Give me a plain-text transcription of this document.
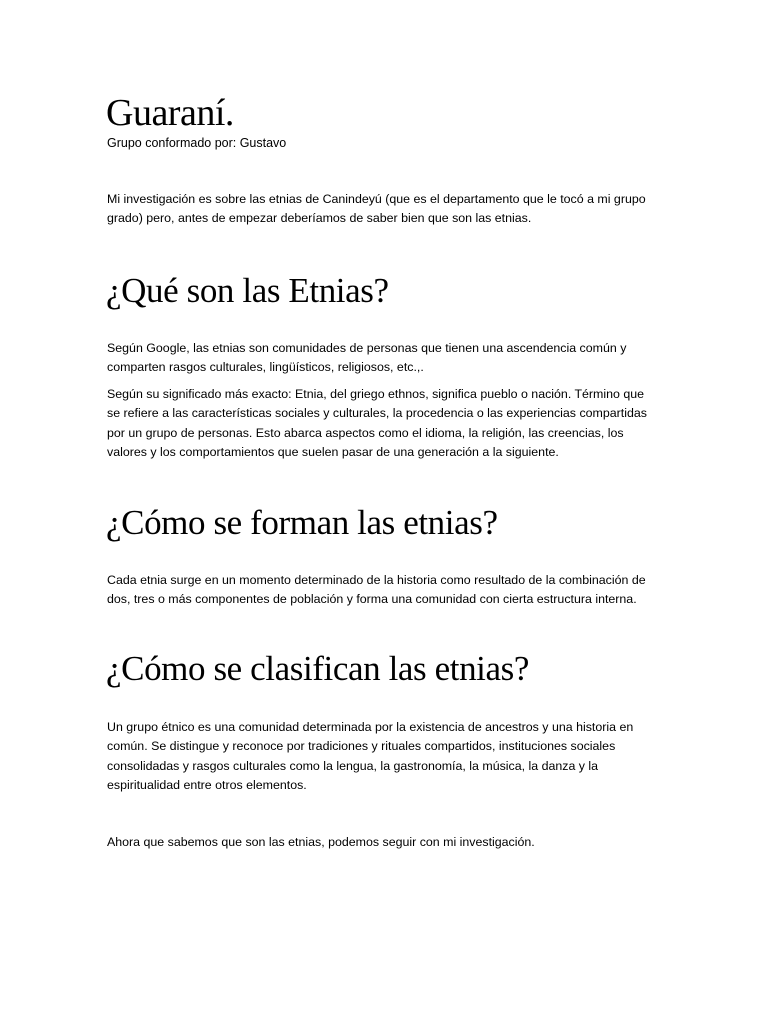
Guaraní.

Grupo conformado por: Gustavo

Mi investigación es sobre las etnias de Canindeyú (que es el departamento que le tocó a mi grupo
grado) pero, antes de empezar deberíamos de saber bien que son las etnias.

¿Qué son las Etnias?

Según Google, las etnias son comunidades de personas que tienen una ascendencia común y
comparten rasgos culturales, lingüísticos, religiosos, etc.,.

Según su significado más exacto: Etnia, del griego ethnos, significa pueblo o nación. Término que
se refiere a las características sociales y culturales, la procedencia o las experiencias compartidas
por un grupo de personas. Esto abarca aspectos como el idioma, la religión, las creencias, los
valores y los comportamientos que suelen pasar de una generación a la siguiente.

¿Cómo se forman las etnias?

Cada etnia surge en un momento determinado de la historia como resultado de la combinación de
dos, tres o más componentes de población y forma una comunidad con cierta estructura interna.

¿Cómo se clasifican las etnias?

Un grupo étnico es una comunidad determinada por la existencia de ancestros y una historia en
común. Se distingue y reconoce por tradiciones y rituales compartidos, instituciones sociales
consolidadas y rasgos culturales como la lengua, la gastronomía, la música, la danza y la
espiritualidad entre otros elementos.

Ahora que sabemos que son las etnias, podemos seguir con mi investigación.
